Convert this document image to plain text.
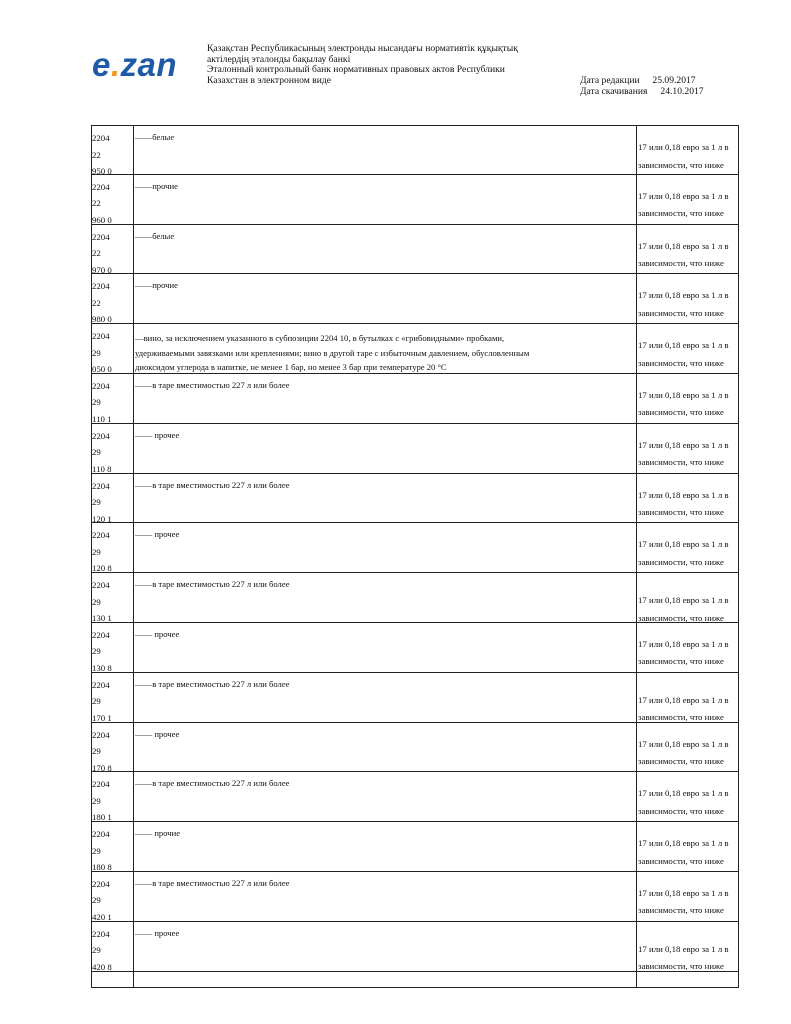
e.zan	Қазақстан Республикасының электронды нысандағы нормативтік құқықтық
актілердің эталонды бақылау банкі
Эталонный контрольный банк нормативных правовых актов Республики
Казахстан в электронном виде	Дата редакции 25.09.2017
Дата скачивания 24.10.2017
2204
22
950 0
——белые
17 или 0,18 евро за 1 л в
зависимости, что ниже
2204
22
960 0
——прочие
17 или 0,18 евро за 1 л в
зависимости, что ниже
2204
22
970 0
——белые
17 или 0,18 евро за 1 л в
зависимости, что ниже
2204
22
980 0
——прочие
17 или 0,18 евро за 1 л в
зависимости, что ниже
2204
29
050 0
—вино, за исключением указанного в субпозиции 2204 10, в бутылках с «грибовидными» пробками,
удерживаемыми завязками или креплениями; вино в другой таре с избыточным давлением, обусловленным
диоксидом углерода в напитке, не менее 1 бар, но менее 3 бар при температуре 20 °С
17 или 0,18 евро за 1 л в
зависимости, что ниже
2204
29
110 1
——в таре вместимостью 227 л или более
17 или 0,18 евро за 1 л в
зависимости, что ниже
2204
29
110 8
—— прочее
17 или 0,18 евро за 1 л в
зависимости, что ниже
2204
29
120 1
——в таре вместимостью 227 л или более
17 или 0,18 евро за 1 л в
зависимости, что ниже
2204
29
120 8
—— прочее
17 или 0,18 евро за 1 л в
зависимости, что ниже
2204
29
130 1
——в таре вместимостью 227 л или более
17 или 0,18 евро за 1 л в
зависимости, что ниже
2204
29
130 8
—— прочее
17 или 0,18 евро за 1 л в
зависимости, что ниже
2204
29
170 1
——в таре вместимостью 227 л или более
17 или 0,18 евро за 1 л в
зависимости, что ниже
2204
29
170 8
—— прочее
17 или 0,18 евро за 1 л в
зависимости, что ниже
2204
29
180 1
——в таре вместимостью 227 л или более
17 или 0,18 евро за 1 л в
зависимости, что ниже
2204
29
180 8
—— прочие
17 или 0,18 евро за 1 л в
зависимости, что ниже
2204
29
420 1
——в таре вместимостью 227 л или более
17 или 0,18 евро за 1 л в
зависимости, что ниже
2204
29
420 8
—— прочее
17 или 0,18 евро за 1 л в
зависимости, что ниже
